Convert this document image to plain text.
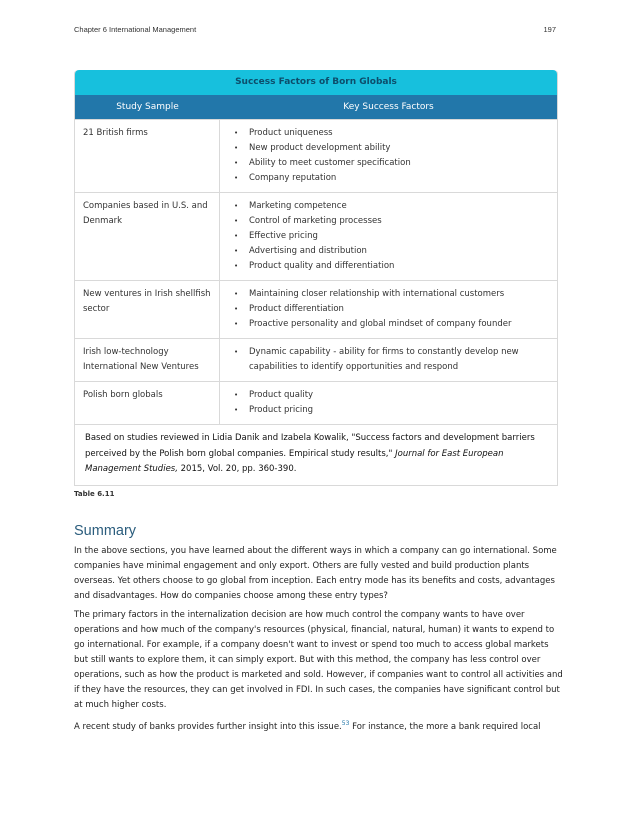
Chapter 6 International Management	197
Success Factors of Born Globals
Study Sample	Key Success Factors
21 British firms	• Product uniqueness
• New product development ability
• Ability to meet customer specification
• Company reputation
Companies based in U.S. and Denmark
• Marketing competence
• Control of marketing processes
• Effective pricing
• Advertising and distribution
• Product quality and differentiation
New ventures in Irish shellfish sector
• Maintaining closer relationship with international customers
• Product differentiation
• Proactive personality and global mindset of company founder
Irish low-technology International New Ventures
• Dynamic capability - ability for firms to constantly develop new capabilities to identify opportunities and respond
Polish born globals	• Product quality
• Product pricing
Based on studies reviewed in Lidia Danik and Izabela Kowalik, "Success factors and development barriers perceived by the Polish born global companies. Empirical study results," Journal for East European Management Studies, 2015, Vol. 20, pp. 360-390.
Table 6.11
Summary

In the above sections, you have learned about the different ways in which a company can go international. Some companies have minimal engagement and only export. Others are fully vested and build production plants overseas. Yet others choose to go global from inception. Each entry mode has its benefits and costs, advantages and disadvantages. How do companies choose among these entry types?

The primary factors in the internalization decision are how much control the company wants to have over operations and how much of the company's resources (physical, financial, natural, human) it wants to expend to go international. For example, if a company doesn't want to invest or spend too much to access global markets but still wants to explore them, it can simply export. But with this method, the company has less control over operations, such as how the product is marketed and sold. However, if companies want to control all activities and if they have the resources, they can get involved in FDI. In such cases, the companies have significant control but at much higher costs.

A recent study of banks provides further insight into this issue.$^{53}$ For instance, the more a bank required local
